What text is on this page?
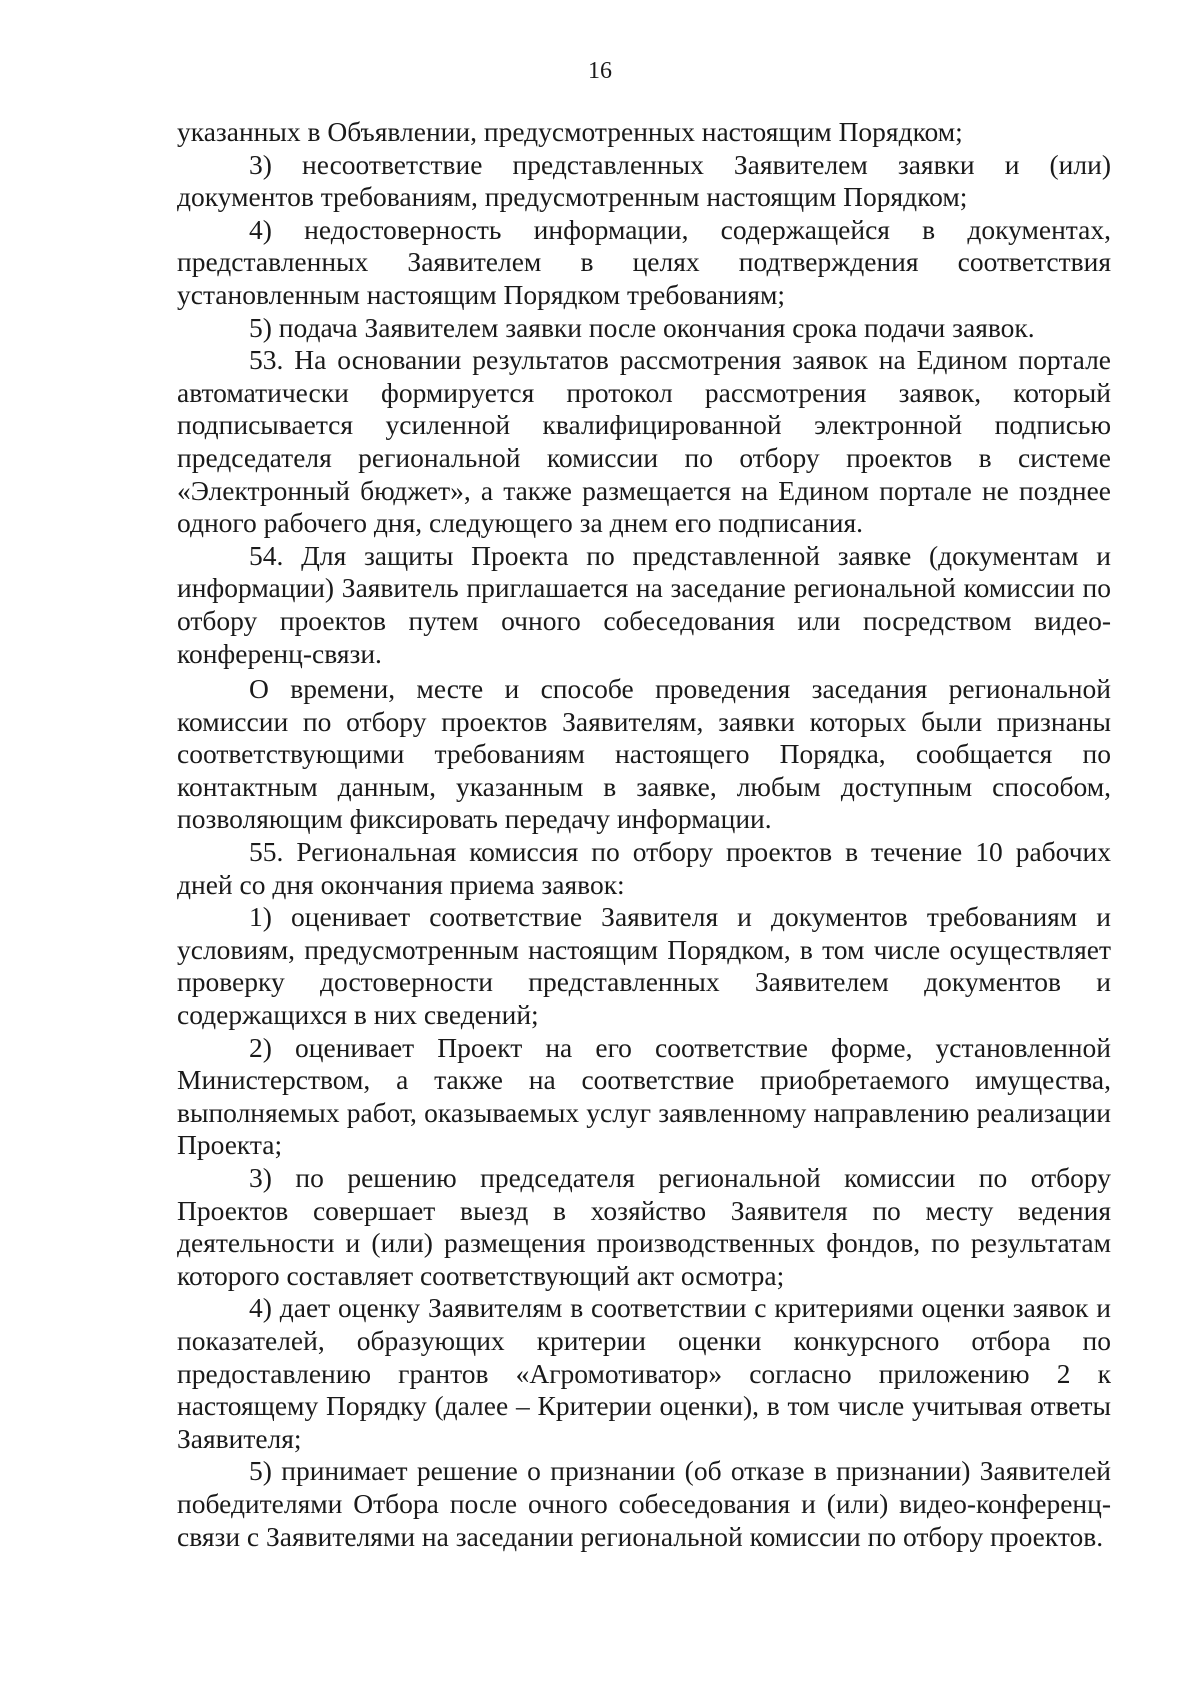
16

указанных в Объявлении, предусмотренных настоящим Порядком;

3) несоответствие представленных Заявителем заявки и (или) документов требованиям, предусмотренным настоящим Порядком;

4) недостоверность информации, содержащейся в документах, представленных Заявителем в целях подтверждения соответствия установленным настоящим Порядком требованиям;

5) подача Заявителем заявки после окончания срока подачи заявок.

53. На основании результатов рассмотрения заявок на Едином портале автоматически формируется протокол рассмотрения заявок, который подписывается усиленной квалифицированной электронной подписью председателя региональной комиссии по отбору проектов в системе «Электронный бюджет», а также размещается на Едином портале не позднее одного рабочего дня, следующего за днем его подписания.

54. Для защиты Проекта по представленной заявке (документам и информации) Заявитель приглашается на заседание региональной комиссии по отбору проектов путем очного собеседования или посредством видео-конференц-связи.

О времени, месте и способе проведения заседания региональной комиссии по отбору проектов Заявителям, заявки которых были признаны соответствующими требованиям настоящего Порядка, сообщается по контактным данным, указанным в заявке, любым доступным способом, позволяющим фиксировать передачу информации.

55. Региональная комиссия по отбору проектов в течение 10 рабочих дней со дня окончания приема заявок:

1) оценивает соответствие Заявителя и документов требованиям и условиям, предусмотренным настоящим Порядком, в том числе осуществляет проверку достоверности представленных Заявителем документов и содержащихся в них сведений;

2) оценивает Проект на его соответствие форме, установленной Министерством, а также на соответствие приобретаемого имущества, выполняемых работ, оказываемых услуг заявленному направлению реализации Проекта;

3) по решению председателя региональной комиссии по отбору Проектов совершает выезд в хозяйство Заявителя по месту ведения деятельности и (или) размещения производственных фондов, по результатам которого составляет соответствующий акт осмотра;

4) дает оценку Заявителям в соответствии с критериями оценки заявок и показателей, образующих критерии оценки конкурсного отбора по предоставлению грантов «Агромотиватор» согласно приложению 2 к настоящему Порядку (далее – Критерии оценки), в том числе учитывая ответы Заявителя;

5) принимает решение о признании (об отказе в признании) Заявителей победителями Отбора после очного собеседования и (или) видео-конференц-связи с Заявителями на заседании региональной комиссии по отбору проектов.
